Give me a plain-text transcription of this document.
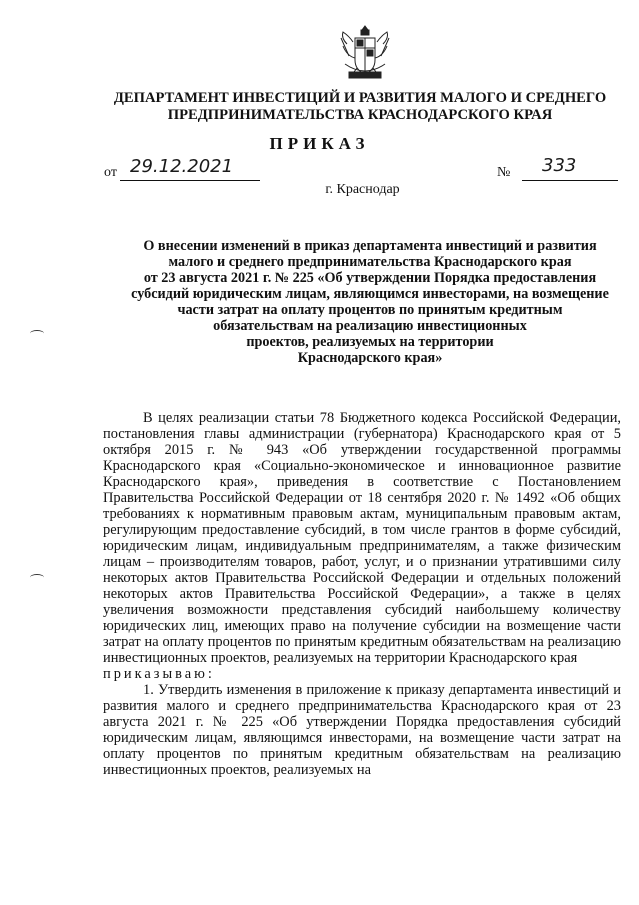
ДЕПАРТАМЕНТ ИНВЕСТИЦИЙ И РАЗВИТИЯ МАЛОГО И СРЕДНЕГО
ПРЕДПРИНИМАТЕЛЬСТВА КРАСНОДАРСКОГО КРАЯ
ПРИКАЗ
от 29.12.2021	№ 333
г. Краснодар
О внесении изменений в приказ департамента инвестиций и развития
малого и среднего предпринимательства Краснодарского края
от 23 августа 2021 г. № 225 «Об утверждении Порядка предоставления
субсидий юридическим лицам, являющимся инвесторами, на возмещение
части затрат на оплату процентов по принятым кредитным
обязательствам на реализацию инвестиционных
проектов, реализуемых на территории
Краснодарского края»

В целях реализации статьи 78 Бюджетного кодекса Российской Федерации, постановления главы администрации (губернатора) Краснодарского края от 5 октября 2015 г. № 943 «Об утверждении государственной программы Краснодарского края «Социально-экономическое и инновационное развитие Краснодарского края», приведения в соответствие с Постановлением Правительства Российской Федерации от 18 сентября 2020 г. № 1492 «Об общих требованиях к нормативным правовым актам, муниципальным правовым актам, регулирующим предоставление субсидий, в том числе грантов в форме субсидий, юридическим лицам, индивидуальным предпринимателям, а также физическим лицам – производителям товаров, работ, услуг, и о признании утратившими силу некоторых актов Правительства Российской Федерации и отдельных положений некоторых актов Правительства Российской Федерации», а также в целях увеличения возможности представления субсидий наибольшему количеству юридических лиц, имеющих право на получение субсидии на возмещение части затрат на оплату процентов по принятым кредитным обязательствам на реализацию инвестиционных проектов, реализуемых на территории Краснодарского края

приказываю:

1. Утвердить изменения в приложение к приказу департамента инвестиций и развития малого и среднего предпринимательства Краснодарского края от 23 августа 2021 г. № 225 «Об утверждении Порядка предоставления субсидий юридическим лицам, являющимся инвесторами, на возмещение части затрат на оплату процентов по принятым кредитным обязательствам на реализацию инвестиционных проектов, реализуемых на
